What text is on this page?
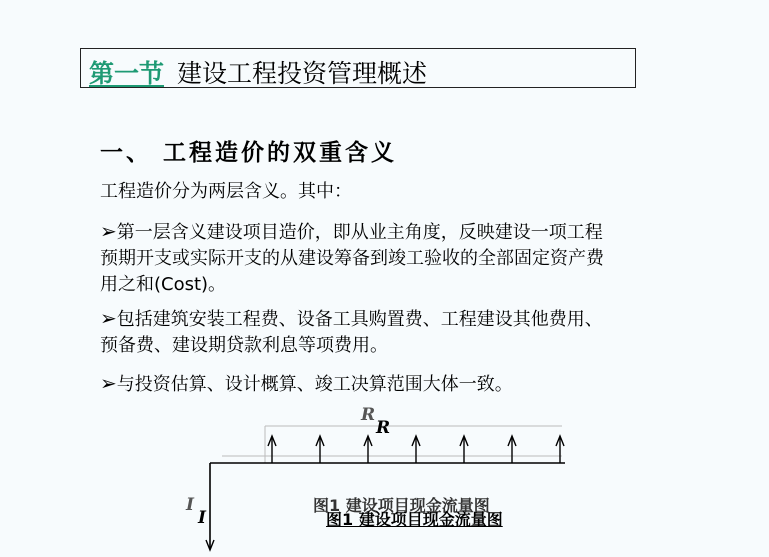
第一节 建设工程投资管理概述
一、 工程造价的双重含义
工程造价分为两层含义。其中：
➢第一层含义建设项目造价，即从业主角度，反映建设一项工程
预期开支或实际开支的从建设筹备到竣工验收的全部固定资产费
用之和(Cost)。
➢包括建筑安装工程费、设备工具购置费、工程建设其他费用、
预备费、建设期贷款利息等项费用。
➢与投资估算、设计概算、竣工决算范围大体一致。
R
R
I
I
图1 建设项目现金流量图
图1 建设项目现金流量图
